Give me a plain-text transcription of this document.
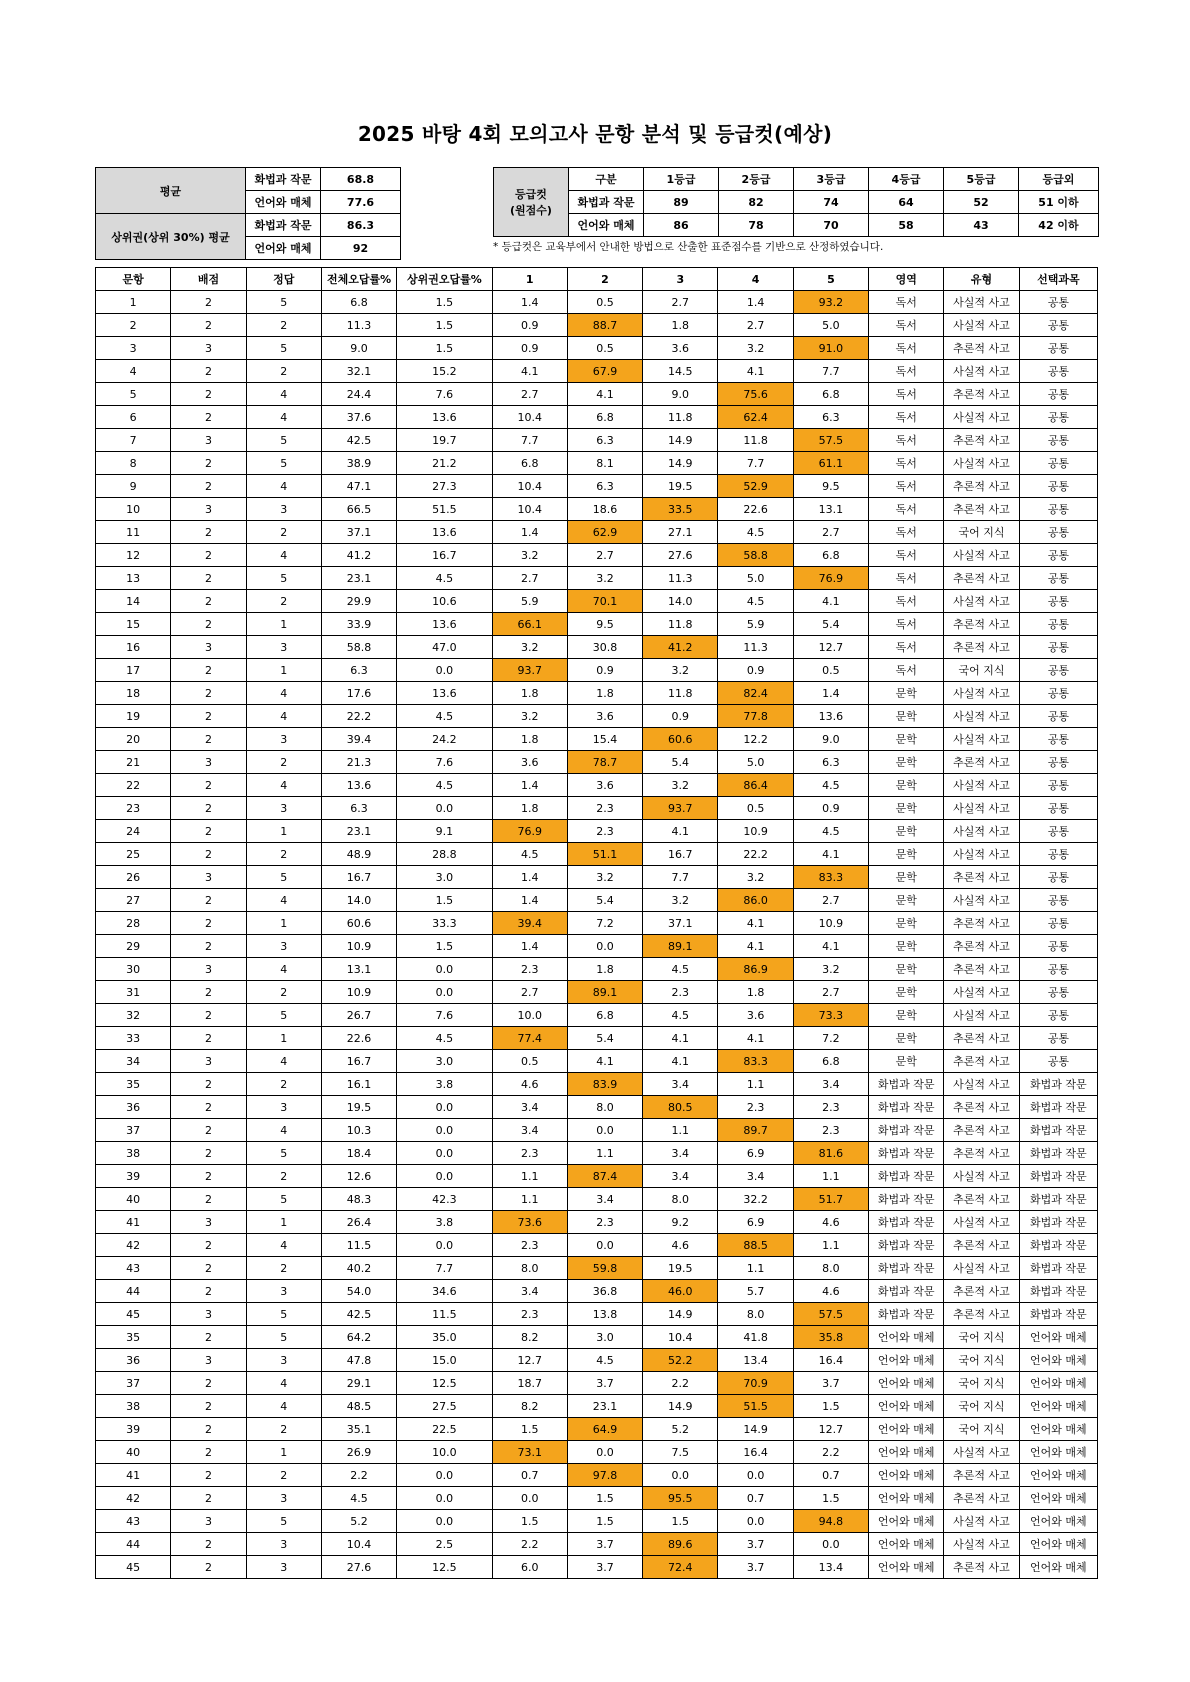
2025 바탕 4회 모의고사 문항 분석 및 등급컷(예상)
평균	화법과 작문	68.8
	언어와 매체	77.6
상위권(상위 30%) 평균	화법과 작문	86.3
	언어와 매체	92
등급컷
(원점수)	구분	1등급	2등급	3등급	4등급	5등급	등급외
	화법과 작문	89	82	74	64	52	51 이하
	언어와 매체	86	78	70	58	43	42 이하
* 등급컷은 교육부에서 안내한 방법으로 산출한 표준점수를 기반으로 산정하였습니다.
문항	배점	정답	전체오답률%	상위권오답률%	1	2	3	4	5	영역	유형	선택과목
1	2	5	6.8	1.5	1.4	0.5	2.7	1.4	93.2	독서	사실적 사고	공통
2	2	2	11.3	1.5	0.9	88.7	1.8	2.7	5.0	독서	사실적 사고	공통
3	3	5	9.0	1.5	0.9	0.5	3.6	3.2	91.0	독서	추론적 사고	공통
4	2	2	32.1	15.2	4.1	67.9	14.5	4.1	7.7	독서	사실적 사고	공통
5	2	4	24.4	7.6	2.7	4.1	9.0	75.6	6.8	독서	추론적 사고	공통
6	2	4	37.6	13.6	10.4	6.8	11.8	62.4	6.3	독서	사실적 사고	공통
7	3	5	42.5	19.7	7.7	6.3	14.9	11.8	57.5	독서	추론적 사고	공통
8	2	5	38.9	21.2	6.8	8.1	14.9	7.7	61.1	독서	사실적 사고	공통
9	2	4	47.1	27.3	10.4	6.3	19.5	52.9	9.5	독서	추론적 사고	공통
10	3	3	66.5	51.5	10.4	18.6	33.5	22.6	13.1	독서	추론적 사고	공통
11	2	2	37.1	13.6	1.4	62.9	27.1	4.5	2.7	독서	국어 지식	공통
12	2	4	41.2	16.7	3.2	2.7	27.6	58.8	6.8	독서	사실적 사고	공통
13	2	5	23.1	4.5	2.7	3.2	11.3	5.0	76.9	독서	추론적 사고	공통
14	2	2	29.9	10.6	5.9	70.1	14.0	4.5	4.1	독서	사실적 사고	공통
15	2	1	33.9	13.6	66.1	9.5	11.8	5.9	5.4	독서	추론적 사고	공통
16	3	3	58.8	47.0	3.2	30.8	41.2	11.3	12.7	독서	추론적 사고	공통
17	2	1	6.3	0.0	93.7	0.9	3.2	0.9	0.5	독서	국어 지식	공통
18	2	4	17.6	13.6	1.8	1.8	11.8	82.4	1.4	문학	사실적 사고	공통
19	2	4	22.2	4.5	3.2	3.6	0.9	77.8	13.6	문학	사실적 사고	공통
20	2	3	39.4	24.2	1.8	15.4	60.6	12.2	9.0	문학	사실적 사고	공통
21	3	2	21.3	7.6	3.6	78.7	5.4	5.0	6.3	문학	추론적 사고	공통
22	2	4	13.6	4.5	1.4	3.6	3.2	86.4	4.5	문학	사실적 사고	공통
23	2	3	6.3	0.0	1.8	2.3	93.7	0.5	0.9	문학	사실적 사고	공통
24	2	1	23.1	9.1	76.9	2.3	4.1	10.9	4.5	문학	사실적 사고	공통
25	2	2	48.9	28.8	4.5	51.1	16.7	22.2	4.1	문학	사실적 사고	공통
26	3	5	16.7	3.0	1.4	3.2	7.7	3.2	83.3	문학	추론적 사고	공통
27	2	4	14.0	1.5	1.4	5.4	3.2	86.0	2.7	문학	사실적 사고	공통
28	2	1	60.6	33.3	39.4	7.2	37.1	4.1	10.9	문학	추론적 사고	공통
29	2	3	10.9	1.5	1.4	0.0	89.1	4.1	4.1	문학	추론적 사고	공통
30	3	4	13.1	0.0	2.3	1.8	4.5	86.9	3.2	문학	추론적 사고	공통
31	2	2	10.9	0.0	2.7	89.1	2.3	1.8	2.7	문학	사실적 사고	공통
32	2	5	26.7	7.6	10.0	6.8	4.5	3.6	73.3	문학	사실적 사고	공통
33	2	1	22.6	4.5	77.4	5.4	4.1	4.1	7.2	문학	추론적 사고	공통
34	3	4	16.7	3.0	0.5	4.1	4.1	83.3	6.8	문학	추론적 사고	공통
35	2	2	16.1	3.8	4.6	83.9	3.4	1.1	3.4	화법과 작문	사실적 사고	화법과 작문
36	2	3	19.5	0.0	3.4	8.0	80.5	2.3	2.3	화법과 작문	추론적 사고	화법과 작문
37	2	4	10.3	0.0	3.4	0.0	1.1	89.7	2.3	화법과 작문	추론적 사고	화법과 작문
38	2	5	18.4	0.0	2.3	1.1	3.4	6.9	81.6	화법과 작문	추론적 사고	화법과 작문
39	2	2	12.6	0.0	1.1	87.4	3.4	3.4	1.1	화법과 작문	사실적 사고	화법과 작문
40	2	5	48.3	42.3	1.1	3.4	8.0	32.2	51.7	화법과 작문	추론적 사고	화법과 작문
41	3	1	26.4	3.8	73.6	2.3	9.2	6.9	4.6	화법과 작문	사실적 사고	화법과 작문
42	2	4	11.5	0.0	2.3	0.0	4.6	88.5	1.1	화법과 작문	추론적 사고	화법과 작문
43	2	2	40.2	7.7	8.0	59.8	19.5	1.1	8.0	화법과 작문	사실적 사고	화법과 작문
44	2	3	54.0	34.6	3.4	36.8	46.0	5.7	4.6	화법과 작문	추론적 사고	화법과 작문
45	3	5	42.5	11.5	2.3	13.8	14.9	8.0	57.5	화법과 작문	추론적 사고	화법과 작문
35	2	5	64.2	35.0	8.2	3.0	10.4	41.8	35.8	언어와 매체	국어 지식	언어와 매체
36	3	3	47.8	15.0	12.7	4.5	52.2	13.4	16.4	언어와 매체	국어 지식	언어와 매체
37	2	4	29.1	12.5	18.7	3.7	2.2	70.9	3.7	언어와 매체	국어 지식	언어와 매체
38	2	4	48.5	27.5	8.2	23.1	14.9	51.5	1.5	언어와 매체	국어 지식	언어와 매체
39	2	2	35.1	22.5	1.5	64.9	5.2	14.9	12.7	언어와 매체	국어 지식	언어와 매체
40	2	1	26.9	10.0	73.1	0.0	7.5	16.4	2.2	언어와 매체	사실적 사고	언어와 매체
41	2	2	2.2	0.0	0.7	97.8	0.0	0.0	0.7	언어와 매체	추론적 사고	언어와 매체
42	2	3	4.5	0.0	0.0	1.5	95.5	0.7	1.5	언어와 매체	추론적 사고	언어와 매체
43	3	5	5.2	0.0	1.5	1.5	1.5	0.0	94.8	언어와 매체	사실적 사고	언어와 매체
44	2	3	10.4	2.5	2.2	3.7	89.6	3.7	0.0	언어와 매체	사실적 사고	언어와 매체
45	2	3	27.6	12.5	6.0	3.7	72.4	3.7	13.4	언어와 매체	추론적 사고	언어와 매체
